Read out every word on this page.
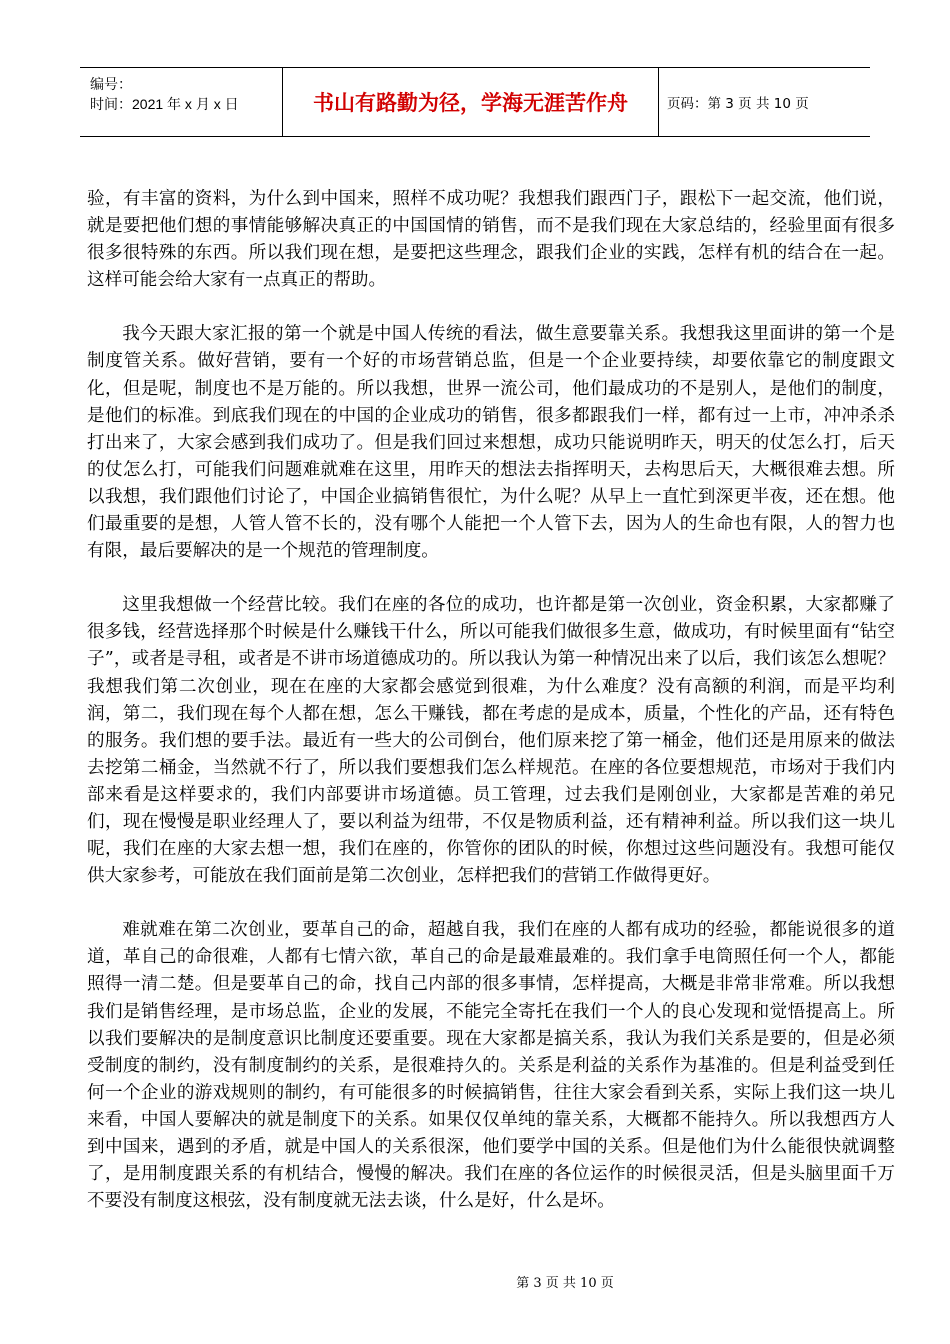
编号：
时间：2021 年 x 月 x 日	书山有路勤为径，学海无涯苦作舟	页码：第 3 页 共 10 页

验，有丰富的资料，为什么到中国来，照样不成功呢？我想我们跟西门子，跟松下一起交流，他们说，就是要把他们想的事情能够解决真正的中国国情的销售，而不是我们现在大家总结的，经验里面有很多很多很特殊的东西。所以我们现在想，是要把这些理念，跟我们企业的实践，怎样有机的结合在一起。这样可能会给大家有一点真正的帮助。

我今天跟大家汇报的第一个就是中国人传统的看法，做生意要靠关系。我想我这里面讲的第一个是制度管关系。做好营销，要有一个好的市场营销总监，但是一个企业要持续，却要依靠它的制度跟文化，但是呢，制度也不是万能的。所以我想，世界一流公司，他们最成功的不是别人，是他们的制度，是他们的标准。到底我们现在的中国的企业成功的销售，很多都跟我们一样，都有过一上市，冲冲杀杀打出来了，大家会感到我们成功了。但是我们回过来想想，成功只能说明昨天，明天的仗怎么打，后天的仗怎么打，可能我们问题难就难在这里，用昨天的想法去指挥明天，去构思后天，大概很难去想。所以我想，我们跟他们讨论了，中国企业搞销售很忙，为什么呢？从早上一直忙到深更半夜，还在想。他们最重要的是想，人管人管不长的，没有哪个人能把一个人管下去，因为人的生命也有限，人的智力也有限，最后要解决的是一个规范的管理制度。

这里我想做一个经营比较。我们在座的各位的成功，也许都是第一次创业，资金积累，大家都赚了很多钱，经营选择那个时候是什么赚钱干什么，所以可能我们做很多生意，做成功，有时候里面有“钻空子”，或者是寻租，或者是不讲市场道德成功的。所以我认为第一种情况出来了以后，我们该怎么想呢？我想我们第二次创业，现在在座的大家都会感觉到很难，为什么难度？没有高额的利润，而是平均利润，第二，我们现在每个人都在想，怎么干赚钱，都在考虑的是成本，质量，个性化的产品，还有特色的服务。我们想的要手法。最近有一些大的公司倒台，他们原来挖了第一桶金，他们还是用原来的做法去挖第二桶金，当然就不行了，所以我们要想我们怎么样规范。在座的各位要想规范，市场对于我们内部来看是这样要求的，我们内部要讲市场道德。员工管理，过去我们是刚创业，大家都是苦难的弟兄们，现在慢慢是职业经理人了，要以利益为纽带，不仅是物质利益，还有精神利益。所以我们这一块儿呢，我们在座的大家去想一想，我们在座的，你管你的团队的时候，你想过这些问题没有。我想可能仅供大家参考，可能放在我们面前是第二次创业，怎样把我们的营销工作做得更好。

难就难在第二次创业，要革自己的命，超越自我，我们在座的人都有成功的经验，都能说很多的道道，革自己的命很难，人都有七情六欲，革自己的命是最难最难的。我们拿手电筒照任何一个人，都能照得一清二楚。但是要革自己的命，找自己内部的很多事情，怎样提高，大概是非常非常难。所以我想我们是销售经理，是市场总监，企业的发展，不能完全寄托在我们一个人的良心发现和觉悟提高上。所以我们要解决的是制度意识比制度还要重要。现在大家都是搞关系，我认为我们关系是要的，但是必须受制度的制约，没有制度制约的关系，是很难持久的。关系是利益的关系作为基准的。但是利益受到任何一个企业的游戏规则的制约，有可能很多的时候搞销售，往往大家会看到关系，实际上我们这一块儿来看，中国人要解决的就是制度下的关系。如果仅仅单纯的靠关系，大概都不能持久。所以我想西方人到中国来，遇到的矛盾，就是中国人的关系很深，他们要学中国的关系。但是他们为什么能很快就调整了，是用制度跟关系的有机结合，慢慢的解决。我们在座的各位运作的时候很灵活，但是头脑里面千万不要没有制度这根弦，没有制度就无法去谈，什么是好，什么是坏。

第 3 页 共 10 页
